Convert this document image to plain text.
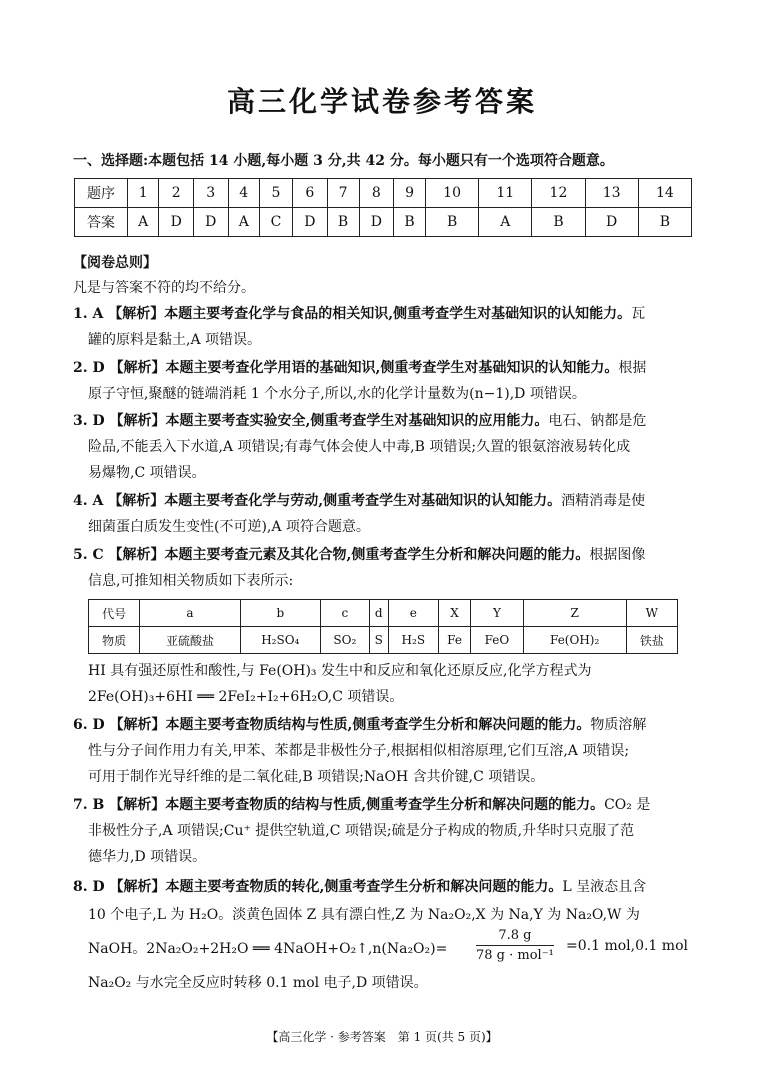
高三化学试卷参考答案
一、选择题:本题包括 14 小题,每小题 3 分,共 42 分。每小题只有一个选项符合题意。
题序	1	2	3	4	5	6	7	8	9	10	11	12	13	14
答案	A	D	D	A	C	D	B	D	B	B	A	B	D	B
【阅卷总则】
凡是与答案不符的均不给分。
1. A 【解析】本题主要考查化学与食品的相关知识,侧重考查学生对基础知识的认知能力。瓦
罐的原料是黏土,A 项错误。
2. D 【解析】本题主要考查化学用语的基础知识,侧重考查学生对基础知识的认知能力。根据
原子守恒,聚醚的链端消耗 1 个水分子,所以,水的化学计量数为(n−1),D 项错误。
3. D 【解析】本题主要考查实验安全,侧重考查学生对基础知识的应用能力。电石、钠都是危
险品,不能丢入下水道,A 项错误;有毒气体会使人中毒,B 项错误;久置的银氨溶液易转化成
易爆物,C 项错误。
4. A 【解析】本题主要考查化学与劳动,侧重考查学生对基础知识的认知能力。酒精消毒是使
细菌蛋白质发生变性(不可逆),A 项符合题意。
5. C 【解析】本题主要考查元素及其化合物,侧重考查学生分析和解决问题的能力。根据图像
信息,可推知相关物质如下表所示:
代号	a	b	c	d	e	X	Y	Z	W
物质	亚硫酸盐	H₂SO₄	SO₂	S	H₂S	Fe	FeO	Fe(OH)₂	铁盐
HI 具有强还原性和酸性,与 Fe(OH)₃ 发生中和反应和氧化还原反应,化学方程式为
2Fe(OH)₃+6HI ══ 2FeI₂+I₂+6H₂O,C 项错误。
6. D 【解析】本题主要考查物质结构与性质,侧重考查学生分析和解决问题的能力。物质溶解
性与分子间作用力有关,甲苯、苯都是非极性分子,根据相似相溶原理,它们互溶,A 项错误;
可用于制作光导纤维的是二氧化硅,B 项错误;NaOH 含共价键,C 项错误。
7. B 【解析】本题主要考查物质的结构与性质,侧重考查学生分析和解决问题的能力。CO₂ 是
非极性分子,A 项错误;Cu⁺ 提供空轨道,C 项错误;硫是分子构成的物质,升华时只克服了范
德华力,D 项错误。
8. D 【解析】本题主要考查物质的转化,侧重考查学生分析和解决问题的能力。L 呈液态且含
10 个电子,L 为 H₂O。淡黄色固体 Z 具有漂白性,Z 为 Na₂O₂,X 为 Na,Y 为 Na₂O,W 为
NaOH。2Na₂O₂+2H₂O ══ 4NaOH+O₂↑,n(Na₂O₂)=
7.8 g
78 g · mol⁻¹
=0.1 mol,0.1 mol
Na₂O₂ 与水完全反应时转移 0.1 mol 电子,D 项错误。
【高三化学 · 参考答案　第 1 页(共 5 页)】
